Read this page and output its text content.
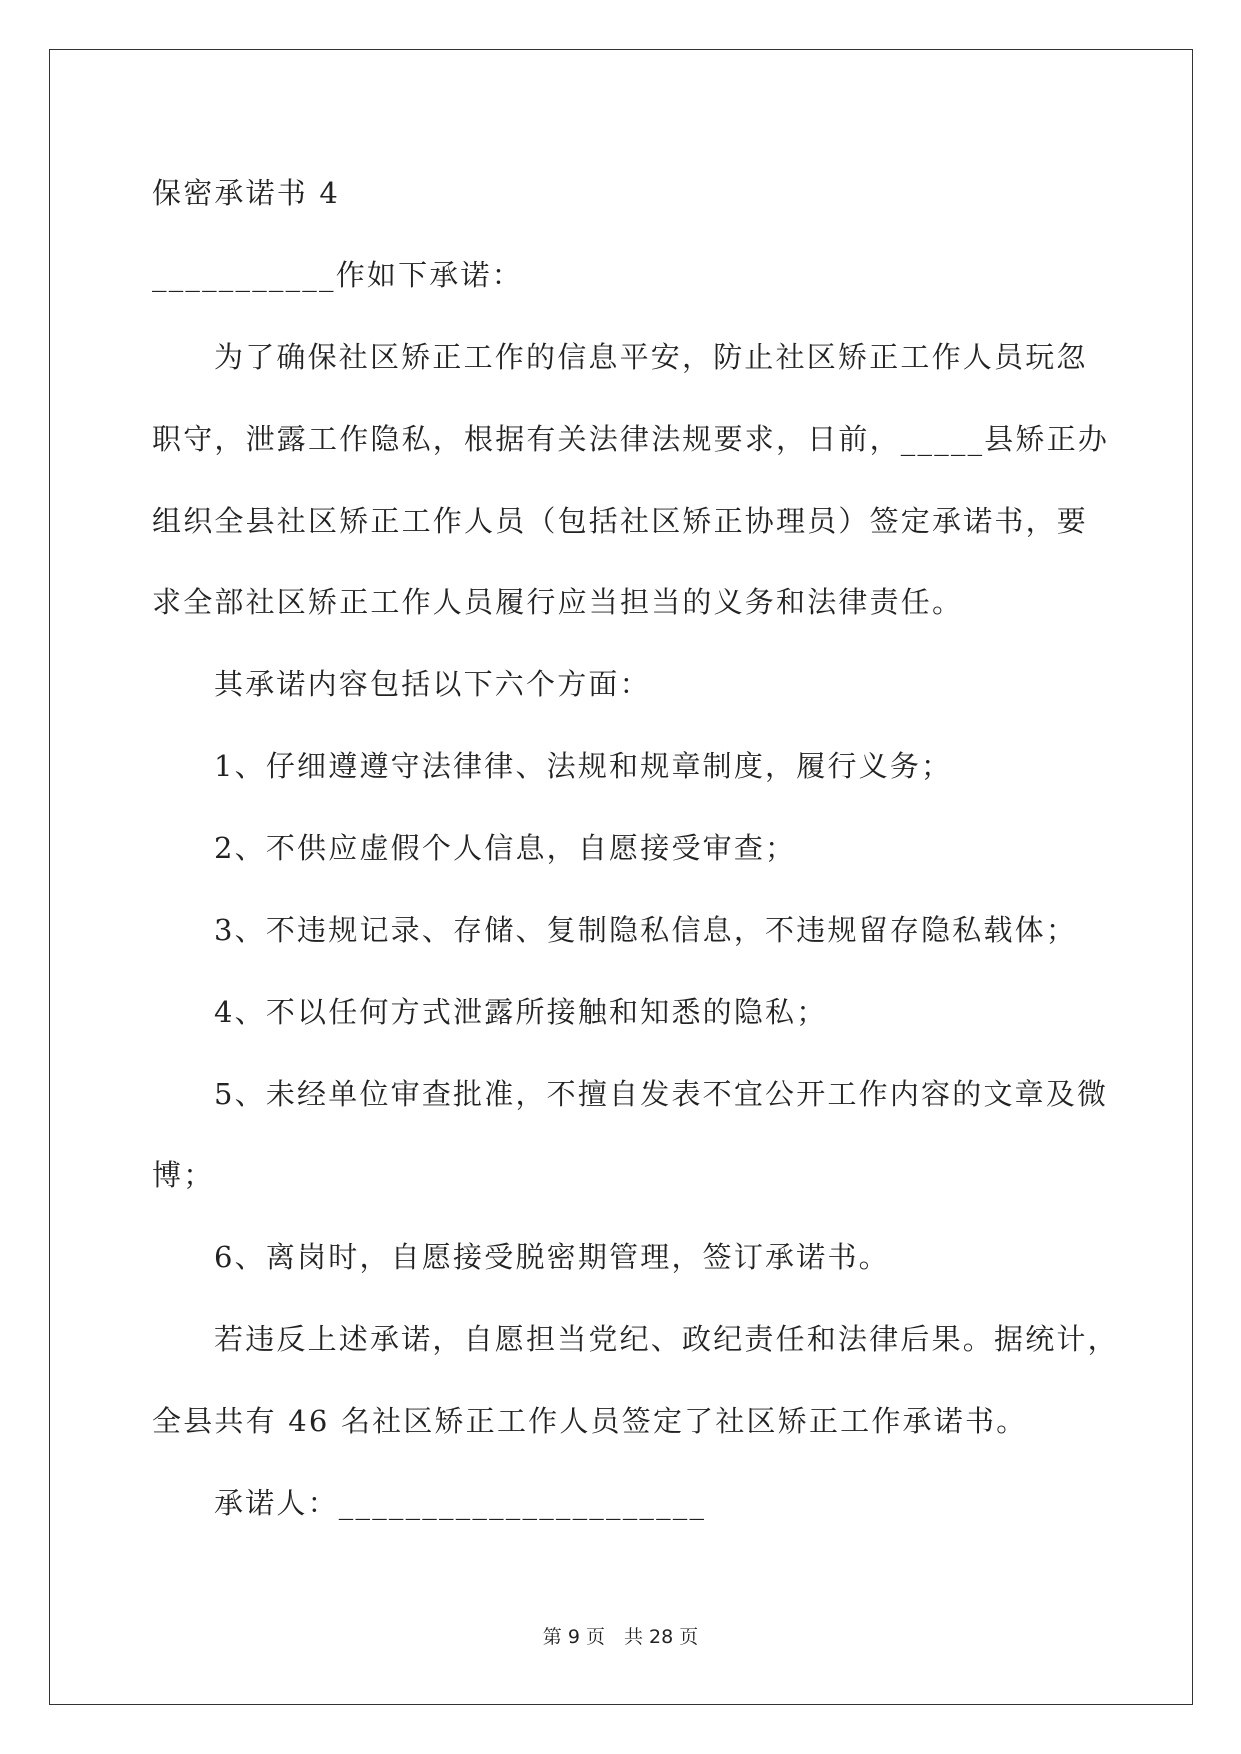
保密承诺书 4
___________作如下承诺：
为了确保社区矫正工作的信息平安，防止社区矫正工作人员玩忽
职守，泄露工作隐私，根据有关法律法规要求，日前，_____县矫正办
组织全县社区矫正工作人员（包括社区矫正协理员）签定承诺书，要
求全部社区矫正工作人员履行应当担当的义务和法律责任。
其承诺内容包括以下六个方面：
1、仔细遵遵守法律律、法规和规章制度，履行义务；
2、不供应虚假个人信息，自愿接受审查；
3、不违规记录、存储、复制隐私信息，不违规留存隐私载体；
4、不以任何方式泄露所接触和知悉的隐私；
5、未经单位审查批准，不擅自发表不宜公开工作内容的文章及微
博；
6、离岗时，自愿接受脱密期管理，签订承诺书。
若违反上述承诺，自愿担当党纪、政纪责任和法律后果。据统计，
全县共有 46 名社区矫正工作人员签定了社区矫正工作承诺书。
承诺人：______________________
第 9 页　共 28 页
